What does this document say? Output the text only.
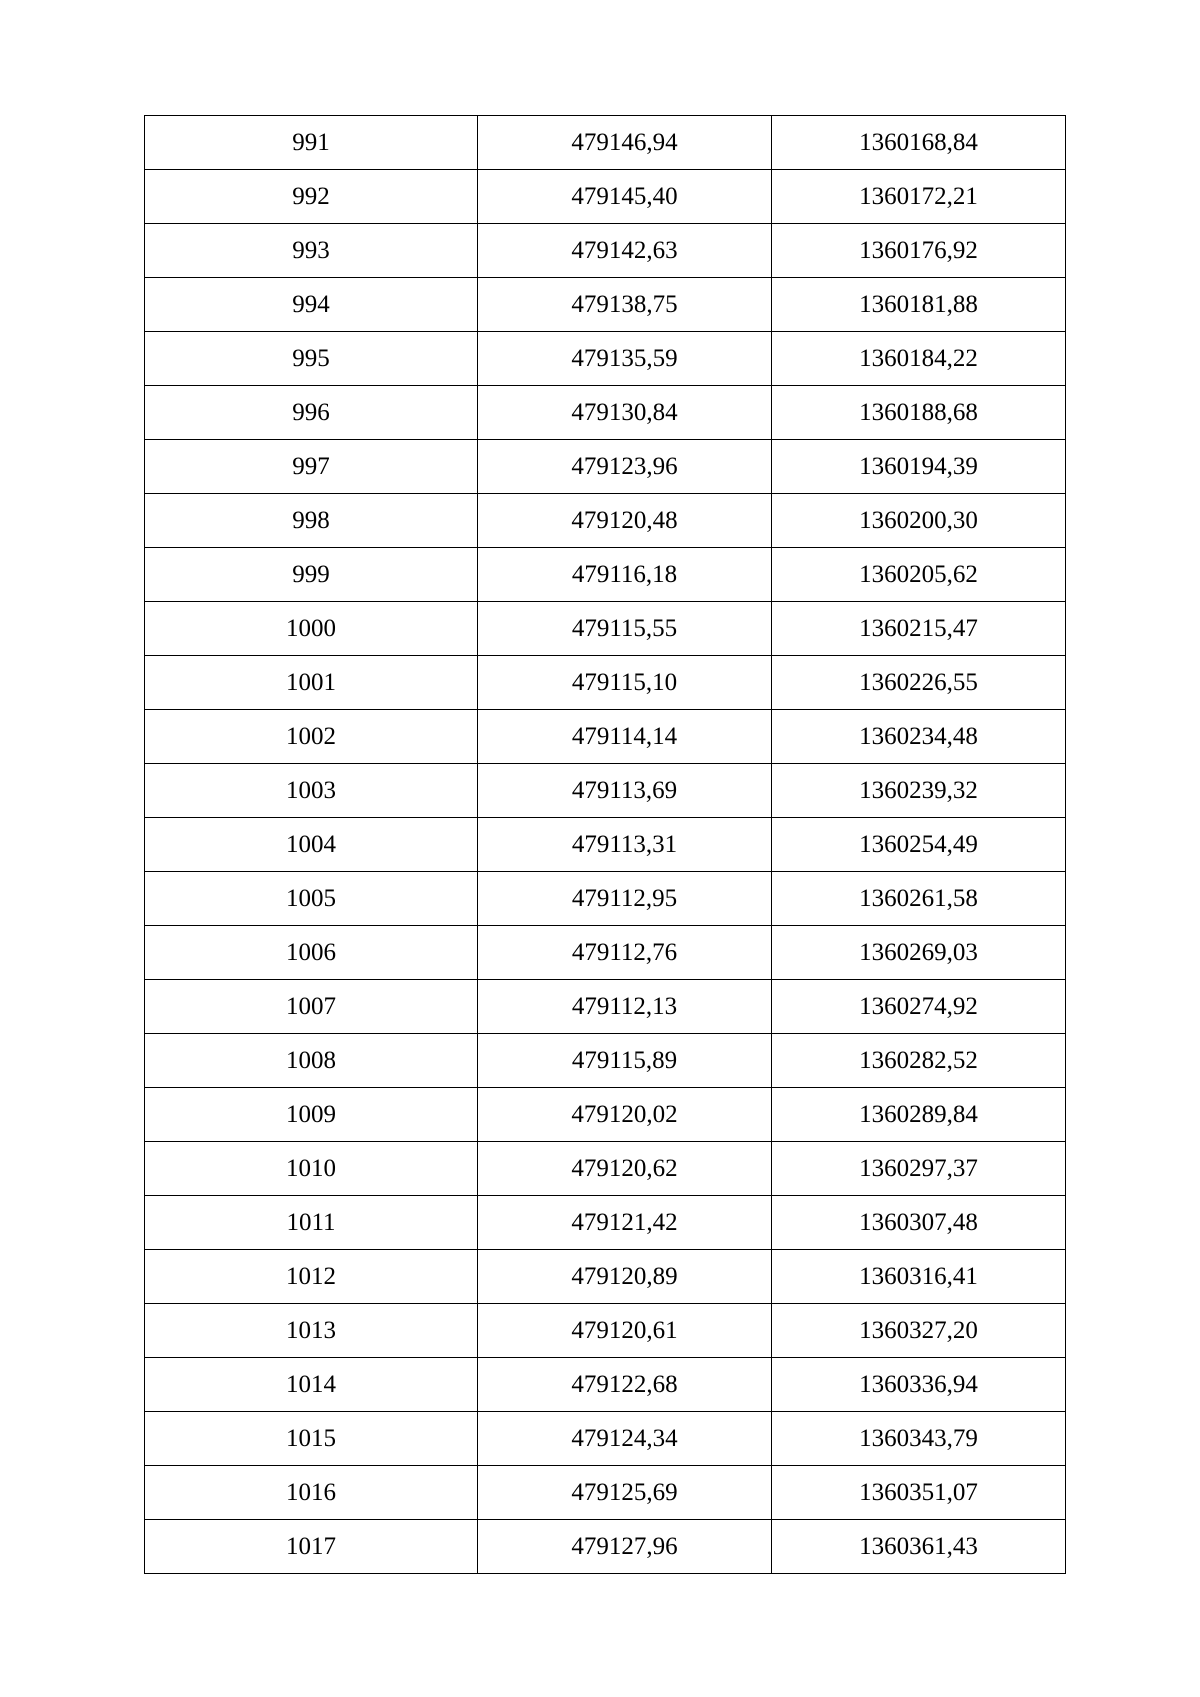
991	479146,94	1360168,84
992	479145,40	1360172,21
993	479142,63	1360176,92
994	479138,75	1360181,88
995	479135,59	1360184,22
996	479130,84	1360188,68
997	479123,96	1360194,39
998	479120,48	1360200,30
999	479116,18	1360205,62
1000	479115,55	1360215,47
1001	479115,10	1360226,55
1002	479114,14	1360234,48
1003	479113,69	1360239,32
1004	479113,31	1360254,49
1005	479112,95	1360261,58
1006	479112,76	1360269,03
1007	479112,13	1360274,92
1008	479115,89	1360282,52
1009	479120,02	1360289,84
1010	479120,62	1360297,37
1011	479121,42	1360307,48
1012	479120,89	1360316,41
1013	479120,61	1360327,20
1014	479122,68	1360336,94
1015	479124,34	1360343,79
1016	479125,69	1360351,07
1017	479127,96	1360361,43
